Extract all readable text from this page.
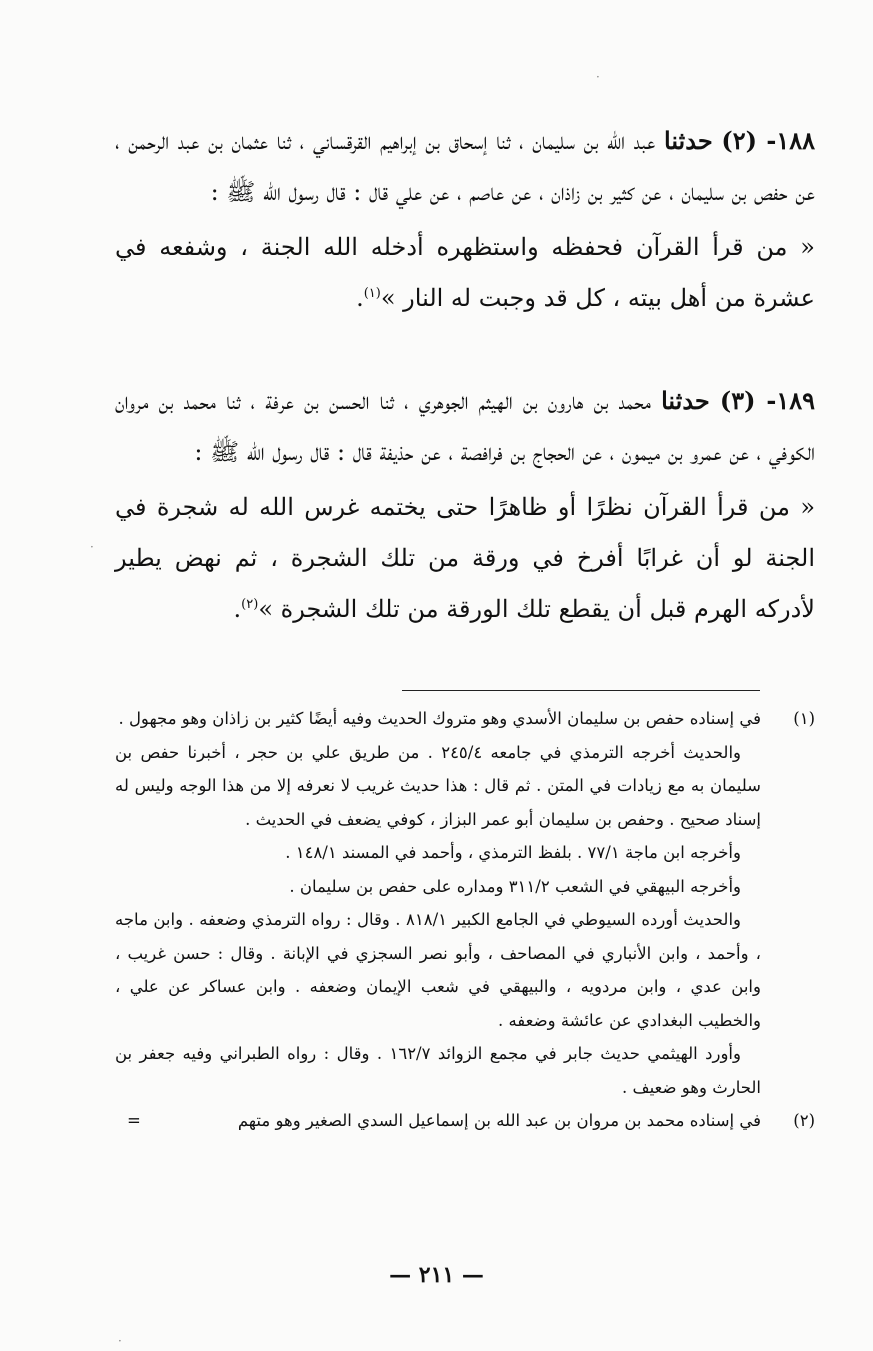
·
·
·

١٨٨- (٢) حدثنا عبد الله بن سليمان ، ثنا إسحاق بن إبراهيم القرقساني ، ثنا عثمان بن عبد الرحمن ، عن حفص بن سليمان ، عن كثير بن زاذان ، عن عاصم ، عن علي قال : قال رسول الله ﷺ :

« من قرأ القرآن فحفظه واستظهره أدخله الله الجنة ، وشفعه في عشرة من أهل بيته ، كل قد وجبت له النار »$^{(١)}$.

١٨٩- (٣) حدثنا محمد بن هارون بن الهيثم الجوهري ، ثنا الحسن بن عرفة ، ثنا محمد بن مروان الكوفي ، عن عمرو بن ميمون ، عن الحجاج بن فرافصة ، عن حذيفة قال : قال رسول الله ﷺ :

« من قرأ القرآن نظرًا أو ظاهرًا حتى يختمه غرس الله له شجرة في الجنة لو أن غرابًا أفرخ في ورقة من تلك الشجرة ، ثم نهض يطير لأدركه الهرم قبل أن يقطع تلك الورقة من تلك الشجرة »$^{(٢)}$.

(١)

في إسناده حفص بن سليمان الأسدي وهو متروك الحديث وفيه أيضًا كثير بن زاذان وهو مجهول .

والحديث أخرجه الترمذي في جامعه ٢٤٥/٤ . من طريق علي بن حجر ، أخبرنا حفص بن سليمان به مع زيادات في المتن . ثم قال : هذا حديث غريب لا نعرفه إلا من هذا الوجه وليس له إسناد صحيح . وحفص بن سليمان أبو عمر البزاز ، كوفي يضعف في الحديث .

وأخرجه ابن ماجة ٧٧/١ . بلفظ الترمذي ، وأحمد في المسند ١٤٨/١ .

وأخرجه البيهقي في الشعب ٣١١/٢ ومداره على حفص بن سليمان .

والحديث أورده السيوطي في الجامع الكبير ٨١٨/١ . وقال : رواه الترمذي وضعفه . وابن ماجه ، وأحمد ، وابن الأنباري في المصاحف ، وأبو نصر السجزي في الإبانة . وقال : حسن غريب ، وابن عدي ، وابن مردويه ، والبيهقي في شعب الإيمان وضعفه . وابن عساكر عن علي ، والخطيب البغدادي عن عائشة وضعفه .

وأورد الهيثمي حديث جابر في مجمع الزوائد ١٦٢/٧ . وقال : رواه الطبراني وفيه جعفر بن الحارث وهو ضعيف .

(٢)

في إسناده محمد بن مروان بن عبد الله بن إسماعيل السدي الصغير وهو متهم
=

— ٢١١ —
